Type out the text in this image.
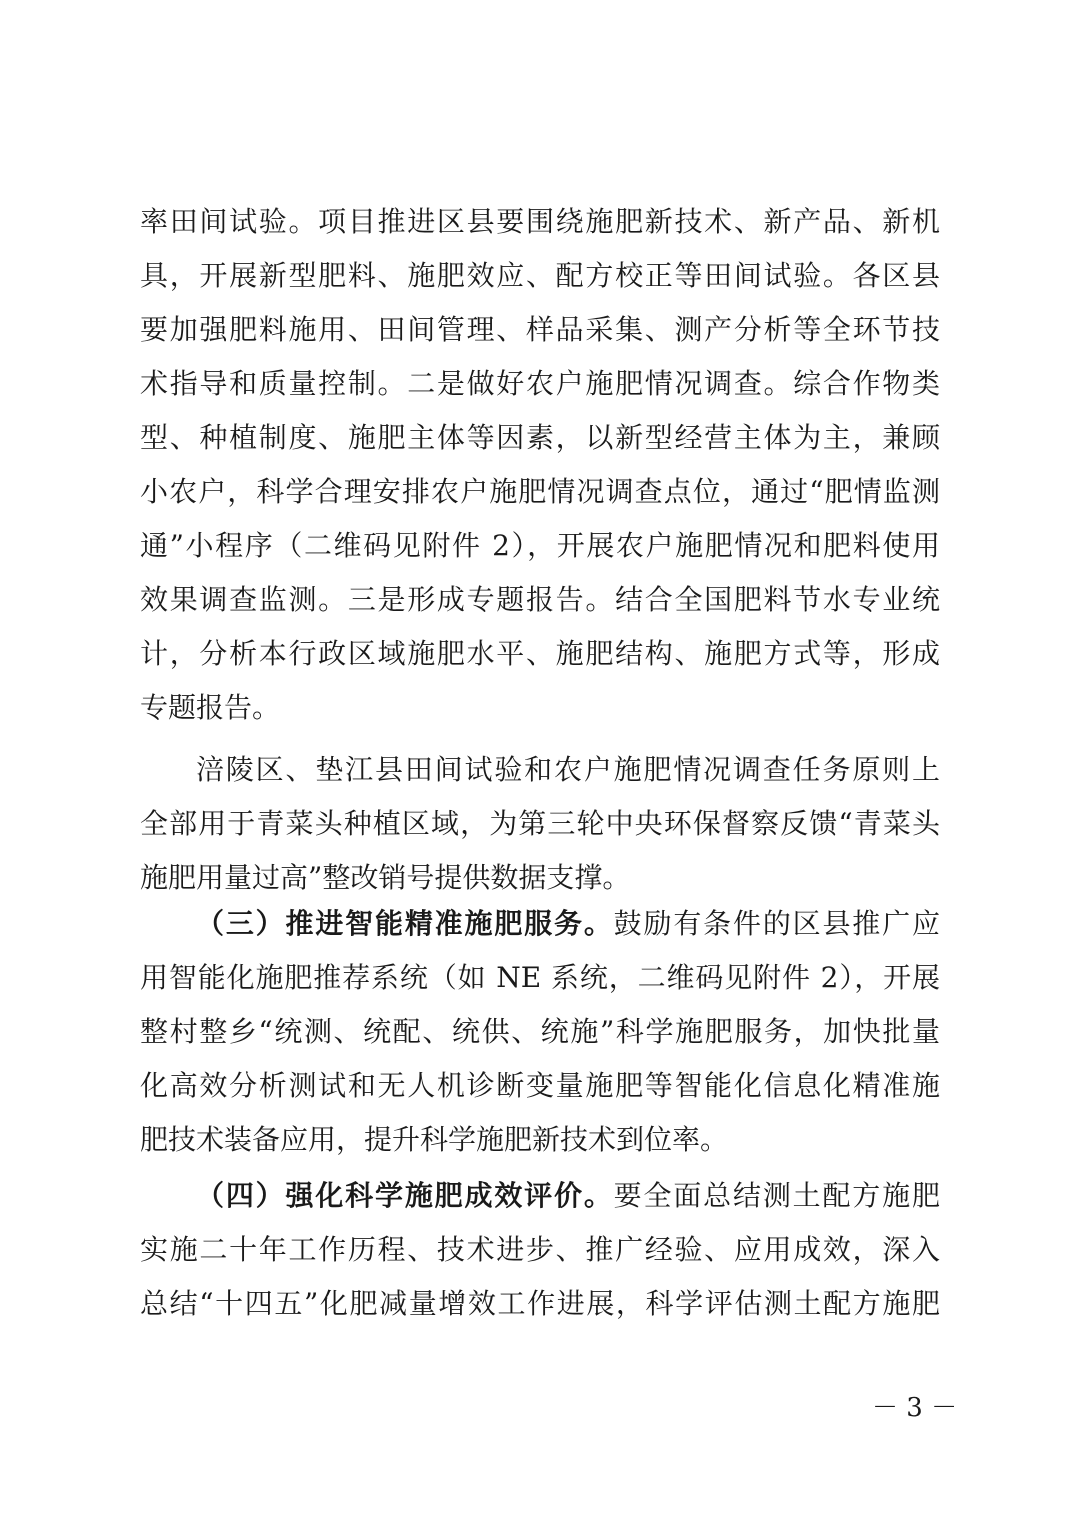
率田间试验。项目推进区县要围绕施肥新技术、新产品、新机
具，开展新型肥料、施肥效应、配方校正等田间试验。各区县
要加强肥料施用、田间管理、样品采集、测产分析等全环节技
术指导和质量控制。二是做好农户施肥情况调查。综合作物类
型、种植制度、施肥主体等因素，以新型经营主体为主，兼顾
小农户，科学合理安排农户施肥情况调查点位，通过“肥情监测
通”小程序（二维码见附件 2），开展农户施肥情况和肥料使用
效果调查监测。三是形成专题报告。结合全国肥料节水专业统
计，分析本行政区域施肥水平、施肥结构、施肥方式等，形成
专题报告。
涪陵区、垫江县田间试验和农户施肥情况调查任务原则上
全部用于青菜头种植区域，为第三轮中央环保督察反馈“青菜头
施肥用量过高”整改销号提供数据支撑。
（三）推进智能精准施肥服务。鼓励有条件的区县推广应
用智能化施肥推荐系统（如 NE 系统，二维码见附件 2），开展
整村整乡“统测、统配、统供、统施”科学施肥服务，加快批量
化高效分析测试和无人机诊断变量施肥等智能化信息化精准施
肥技术装备应用，提升科学施肥新技术到位率。
（四）强化科学施肥成效评价。要全面总结测土配方施肥
实施二十年工作历程、技术进步、推广经验、应用成效，深入
总结“十四五”化肥减量增效工作进展，科学评估测土配方施肥
－ 3 －
